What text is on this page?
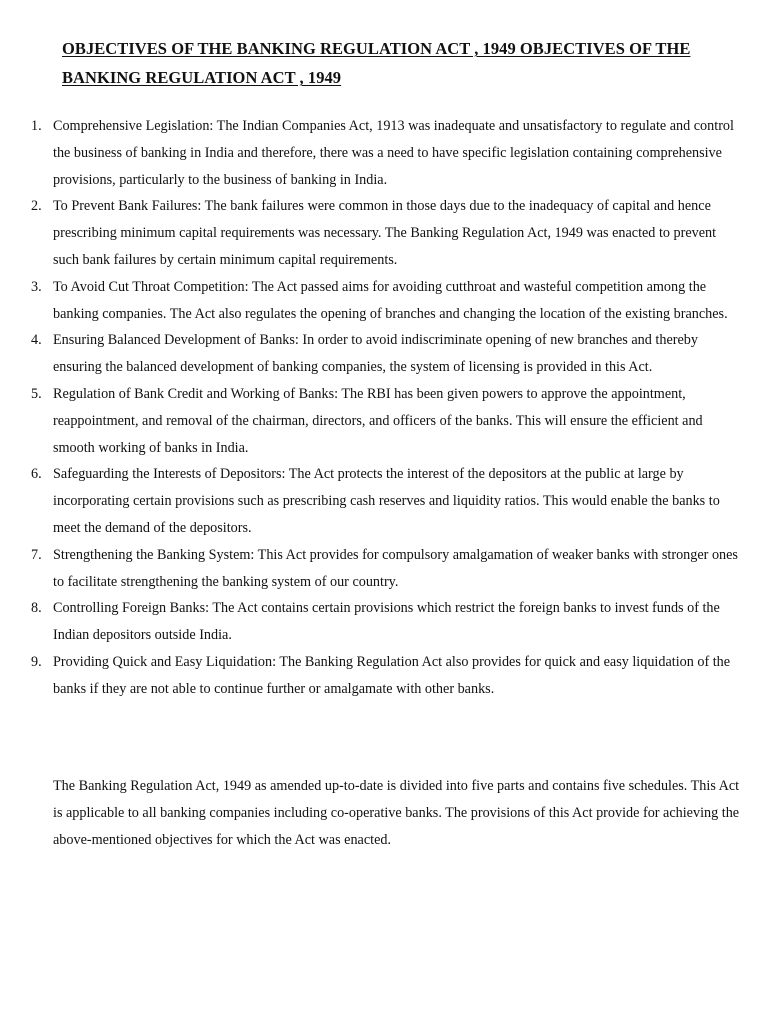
OBJECTIVES OF THE BANKING REGULATION ACT , 1949 OBJECTIVES OF THE BANKING REGULATION ACT , 1949
1. Comprehensive Legislation: The Indian Companies Act, 1913 was inadequate and unsatisfactory to regulate and control the business of banking in India and therefore, there was a need to have specific legislation containing comprehensive provisions, particularly to the business of banking in India.
2. To Prevent Bank Failures: The bank failures were common in those days due to the inadequacy of capital and hence prescribing minimum capital requirements was necessary. The Banking Regulation Act, 1949 was enacted to prevent such bank failures by certain minimum capital requirements.
3. To Avoid Cut Throat Competition: The Act passed aims for avoiding cutthroat and wasteful competition among the banking companies. The Act also regulates the opening of branches and changing the location of the existing branches.
4. Ensuring Balanced Development of Banks: In order to avoid indiscriminate opening of new branches and thereby ensuring the balanced development of banking companies, the system of licensing is provided in this Act.
5. Regulation of Bank Credit and Working of Banks: The RBI has been given powers to approve the appointment, reappointment, and removal of the chairman, directors, and officers of the banks. This will ensure the efficient and smooth working of banks in India.
6. Safeguarding the Interests of Depositors: The Act protects the interest of the depositors at the public at large by incorporating certain provisions such as prescribing cash reserves and liquidity ratios. This would enable the banks to meet the demand of the depositors.
7. Strengthening the Banking System: This Act provides for compulsory amalgamation of weaker banks with stronger ones to facilitate strengthening the banking system of our country.
8. Controlling Foreign Banks: The Act contains certain provisions which restrict the foreign banks to invest funds of the Indian depositors outside India.
9. Providing Quick and Easy Liquidation: The Banking Regulation Act also provides for quick and easy liquidation of the banks if they are not able to continue further or amalgamate with other banks.

The Banking Regulation Act, 1949 as amended up-to-date is divided into five parts and contains five schedules. This Act is applicable to all banking companies including co-operative banks. The provisions of this Act provide for achieving the above-mentioned objectives for which the Act was enacted.
